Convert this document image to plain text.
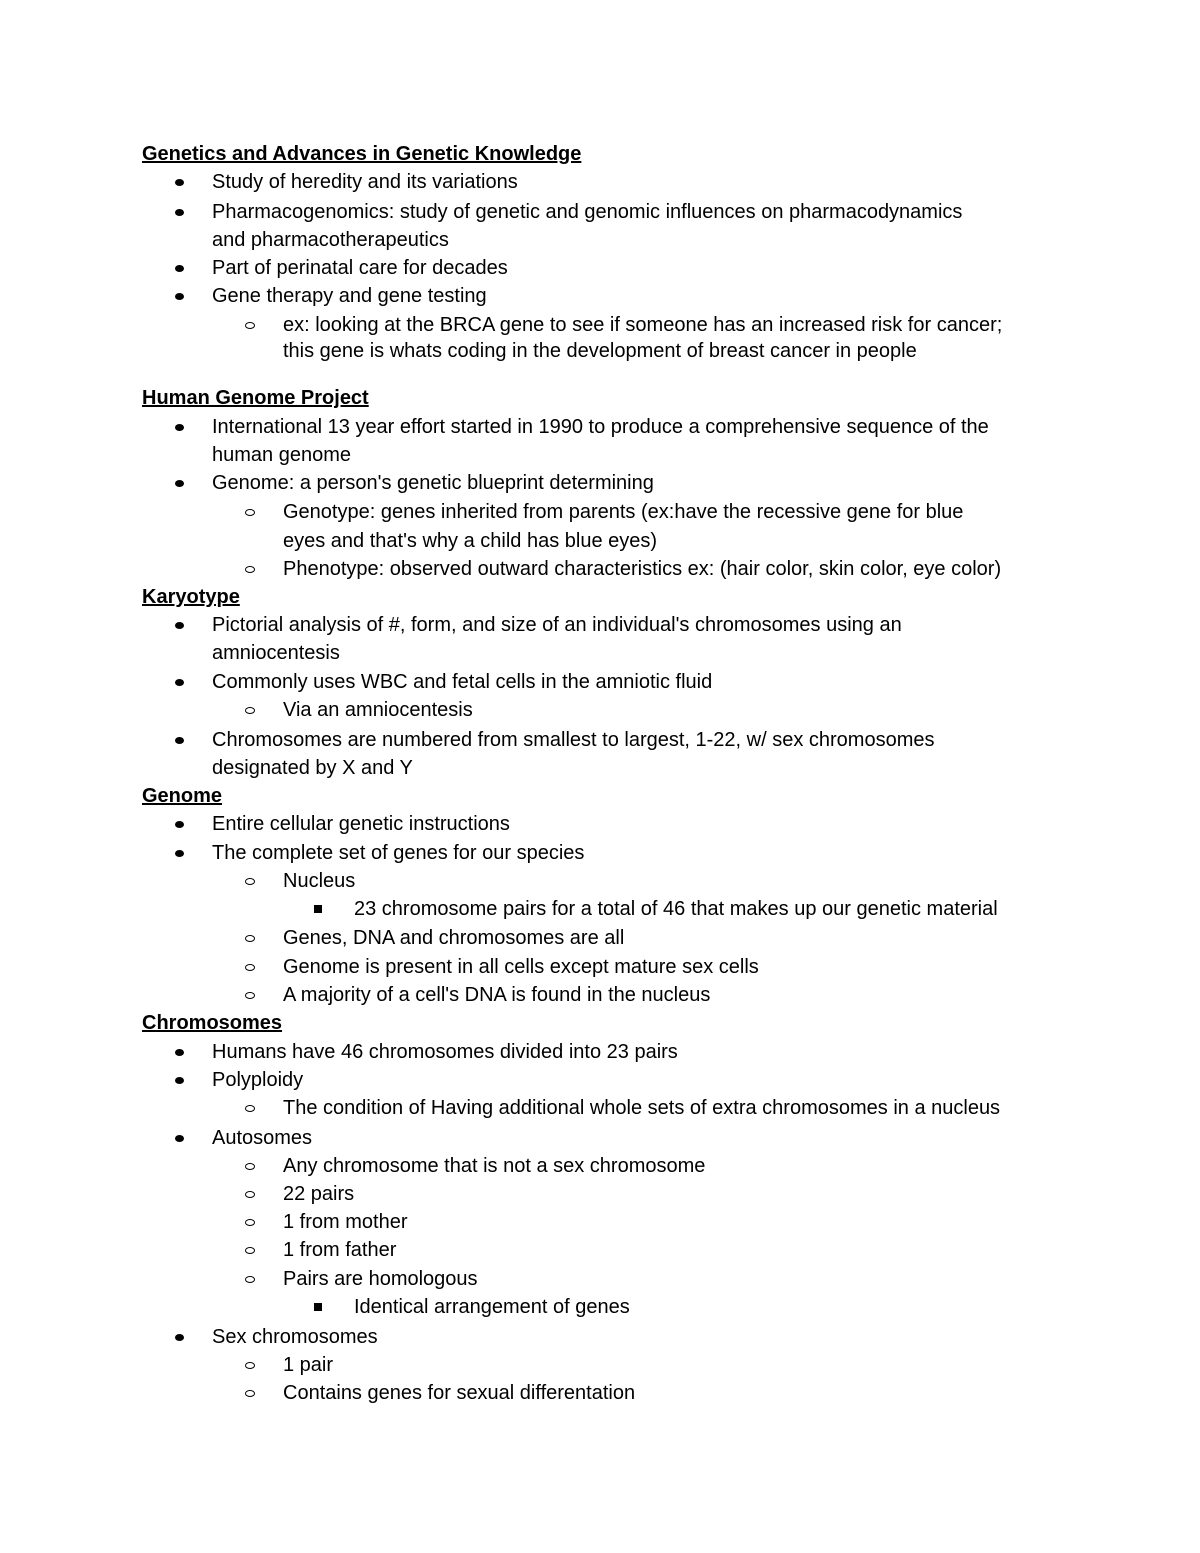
Genetics and Advances in Genetic Knowledge
Study of heredity and its variations
Pharmacogenomics: study of genetic and genomic influences on pharmacodynamics
and pharmacotherapeutics
Part of perinatal care for decades
Gene therapy and gene testing
ex: looking at the BRCA gene to see if someone has an increased risk for cancer;
this gene is whats coding in the development of breast cancer in people
Human Genome Project
International 13 year effort started in 1990 to produce a comprehensive sequence of the
human genome
Genome: a person's genetic blueprint determining
Genotype: genes inherited from parents (ex:have the recessive gene for blue
eyes and that's why a child has blue eyes)
Phenotype: observed outward characteristics ex: (hair color, skin color, eye color)
Karyotype
Pictorial analysis of #, form, and size of an individual's chromosomes using an
amniocentesis
Commonly uses WBC and fetal cells in the amniotic fluid
Via an amniocentesis
Chromosomes are numbered from smallest to largest, 1-22, w/ sex chromosomes
designated by X and Y
Genome
Entire cellular genetic instructions
The complete set of genes for our species
Nucleus
23 chromosome pairs for a total of 46 that makes up our genetic material
Genes, DNA and chromosomes are all
Genome is present in all cells except mature sex cells
A majority of a cell's DNA is found in the nucleus
Chromosomes
Humans have 46 chromosomes divided into 23 pairs
Polyploidy
The condition of Having additional whole sets of extra chromosomes in a nucleus
Autosomes
Any chromosome that is not a sex chromosome
22 pairs
1 from mother
1 from father
Pairs are homologous
Identical arrangement of genes
Sex chromosomes
1 pair
Contains genes for sexual differentation
